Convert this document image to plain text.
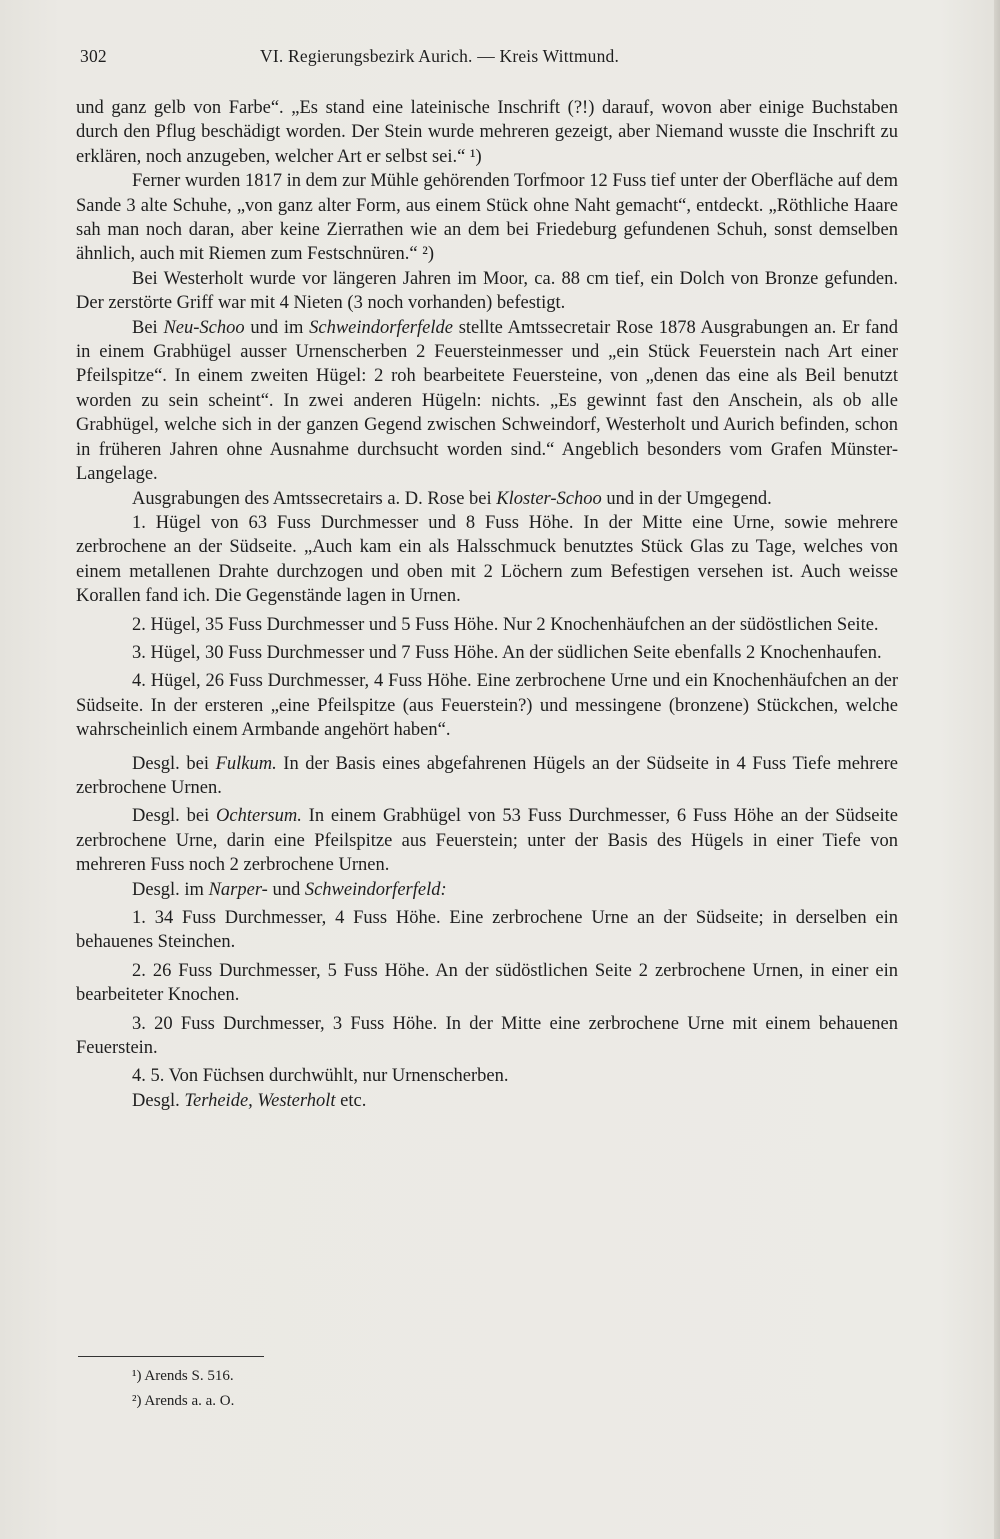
302	VI. Regierungsbezirk Aurich. — Kreis Wittmund.

und ganz gelb von Farbe“. „Es stand eine lateinische Inschrift (?!) darauf, wovon aber einige Buchstaben durch den Pflug beschädigt worden. Der Stein wurde mehreren gezeigt, aber Niemand wusste die Inschrift zu erklären, noch anzugeben, welcher Art er selbst sei.“ ¹)

Ferner wurden 1817 in dem zur Mühle gehörenden Torfmoor 12 Fuss tief unter der Oberfläche auf dem Sande 3 alte Schuhe, „von ganz alter Form, aus einem Stück ohne Naht gemacht“, entdeckt. „Röthliche Haare sah man noch daran, aber keine Zierrathen wie an dem bei Friedeburg gefundenen Schuh, sonst demselben ähnlich, auch mit Riemen zum Festschnüren.“ ²)

Bei Westerholt wurde vor längeren Jahren im Moor, ca. 88 cm tief, ein Dolch von Bronze gefunden. Der zerstörte Griff war mit 4 Nieten (3 noch vorhanden) befestigt.

Bei Neu-Schoo und im Schweindorferfelde stellte Amtssecretair Rose 1878 Ausgrabungen an. Er fand in einem Grabhügel ausser Urnenscherben 2 Feuersteinmesser und „ein Stück Feuerstein nach Art einer Pfeilspitze“. In einem zweiten Hügel: 2 roh bearbeitete Feuersteine, von „denen das eine als Beil benutzt worden zu sein scheint“. In zwei anderen Hügeln: nichts. „Es gewinnt fast den Anschein, als ob alle Grabhügel, welche sich in der ganzen Gegend zwischen Schweindorf, Westerholt und Aurich befinden, schon in früheren Jahren ohne Ausnahme durchsucht worden sind.“ Angeblich besonders vom Grafen Münster-Langelage.

Ausgrabungen des Amtssecretairs a. D. Rose bei Kloster-Schoo und in der Umgegend.

1. Hügel von 63 Fuss Durchmesser und 8 Fuss Höhe. In der Mitte eine Urne, sowie mehrere zerbrochene an der Südseite. „Auch kam ein als Halsschmuck benutztes Stück Glas zu Tage, welches von einem metallenen Drahte durchzogen und oben mit 2 Löchern zum Befestigen versehen ist. Auch weisse Korallen fand ich. Die Gegenstände lagen in Urnen.

2. Hügel, 35 Fuss Durchmesser und 5 Fuss Höhe. Nur 2 Knochenhäufchen an der südöstlichen Seite.

3. Hügel, 30 Fuss Durchmesser und 7 Fuss Höhe. An der südlichen Seite ebenfalls 2 Knochenhaufen.

4. Hügel, 26 Fuss Durchmesser, 4 Fuss Höhe. Eine zerbrochene Urne und ein Knochenhäufchen an der Südseite. In der ersteren „eine Pfeilspitze (aus Feuerstein?) und messingene (bronzene) Stückchen, welche wahrscheinlich einem Armbande angehört haben“.

Desgl. bei Fulkum. In der Basis eines abgefahrenen Hügels an der Südseite in 4 Fuss Tiefe mehrere zerbrochene Urnen.

Desgl. bei Ochtersum. In einem Grabhügel von 53 Fuss Durchmesser, 6 Fuss Höhe an der Südseite zerbrochene Urne, darin eine Pfeilspitze aus Feuerstein; unter der Basis des Hügels in einer Tiefe von mehreren Fuss noch 2 zerbrochene Urnen.

Desgl. im Narper- und Schweindorferfeld:

1. 34 Fuss Durchmesser, 4 Fuss Höhe. Eine zerbrochene Urne an der Südseite; in derselben ein behauenes Steinchen.

2. 26 Fuss Durchmesser, 5 Fuss Höhe. An der südöstlichen Seite 2 zerbrochene Urnen, in einer ein bearbeiteter Knochen.

3. 20 Fuss Durchmesser, 3 Fuss Höhe. In der Mitte eine zerbrochene Urne mit einem behauenen Feuerstein.

4. 5. Von Füchsen durchwühlt, nur Urnenscherben.

Desgl. Terheide, Westerholt etc.

¹) Arends S. 516.

²) Arends a. a. O.
